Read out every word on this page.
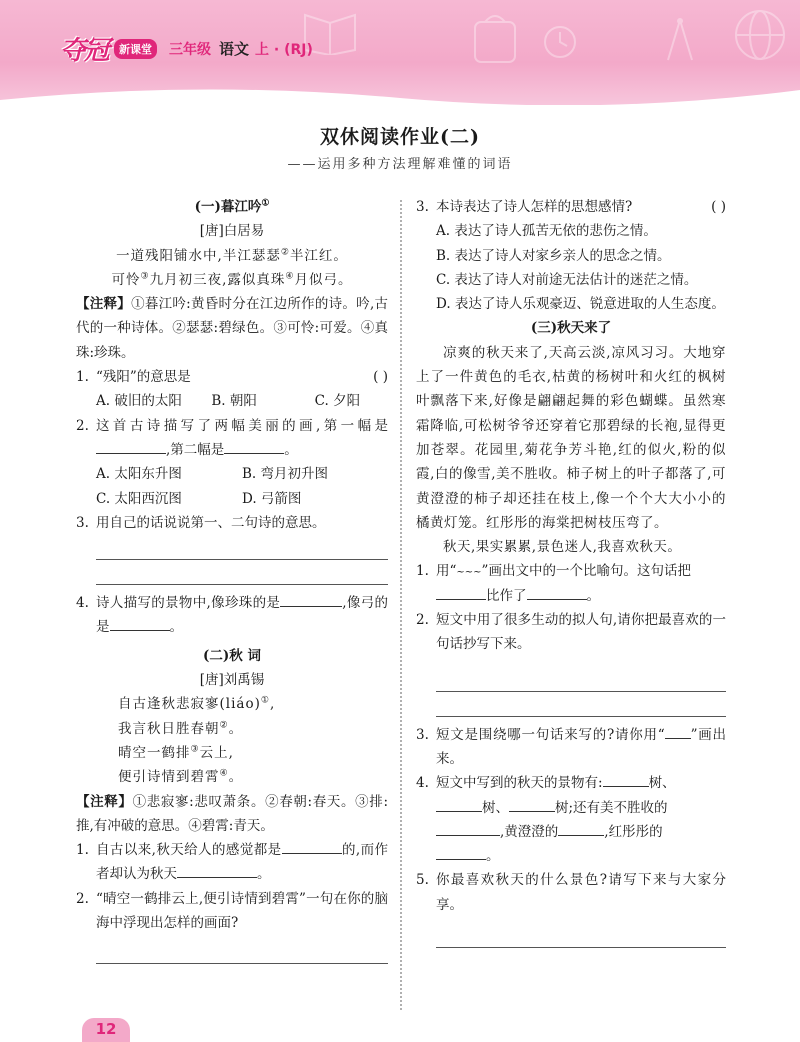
夺冠	新课堂	三年级 语文 上 · (RJ)
双休阅读作业(二)
——运用多种方法理解难懂的词语

(一)暮江吟①

[唐]白居易
一道残阳铺水中,半江瑟瑟②半江红。
可怜③九月初三夜,露似真珠④月似弓。
【注释】①暮江吟:黄昏时分在江边所作的诗。吟,古代的一种诗体。②瑟瑟:碧绿色。③可怜:可爱。④真珠:珍珠。
1. “残阳”的意思是	( )
A. 破旧的太阳	B. 朝阳	C. 夕阳
2. 这首古诗描写了两幅美丽的画,第一幅是,第二幅是	。
A. 太阳东升图	B. 弯月初升图
C. 太阳西沉图	D. 弓箭图
3. 用自己的话说说第一、二句诗的意思。
4. 诗人描写的景物中,像珍珠的是	,像弓的是	。

(二)秋 词

[唐]刘禹锡
自古逢秋悲寂寥(liáo)①,
我言秋日胜春朝②。
晴空一鹤排③云上,
便引诗情到碧霄④。
【注释】①悲寂寥:悲叹萧条。②春朝:春天。③排:推,有冲破的意思。④碧霄:青天。
1. 自古以来,秋天给人的感觉都是	的,而作者却认为秋天	。
2. “晴空一鹤排云上,便引诗情到碧霄”一句在你的脑海中浮现出怎样的画面?
3. 本诗表达了诗人怎样的思想感情?	( )
A. 表达了诗人孤苦无依的悲伤之情。
B. 表达了诗人对家乡亲人的思念之情。
C. 表达了诗人对前途无法估计的迷茫之情。
D. 表达了诗人乐观豪迈、锐意进取的人生态度。

(三)秋天来了

凉爽的秋天来了,天高云淡,凉风习习。大地穿上了一件黄色的毛衣,枯黄的杨树叶和火红的枫树叶飘落下来,好像是翩翩起舞的彩色蝴蝶。虽然寒霜降临,可松树爷爷还穿着它那碧绿的长袍,显得更加苍翠。花园里,菊花争芳斗艳,红的似火,粉的似霞,白的像雪,美不胜收。柿子树上的叶子都落了,可黄澄澄的柿子却还挂在枝上,像一个个大大小小的橘黄灯笼。红彤彤的海棠把树枝压弯了。
秋天,果实累累,景色迷人,我喜欢秋天。
1. 用“~~~”画出文中的一个比喻句。这句话把
比作了	。
2. 短文中用了很多生动的拟人句,请你把最喜欢的一句话抄写下来。
3. 短文是围绕哪一句话来写的?请你用“ ”画出来。
4. 短文中写到的秋天的景物有:	树、
树、	树;还有美不胜收的
,黄澄澄的	,红彤彤的
。
5. 你最喜欢秋天的什么景色?请写下来与大家分享。
12
